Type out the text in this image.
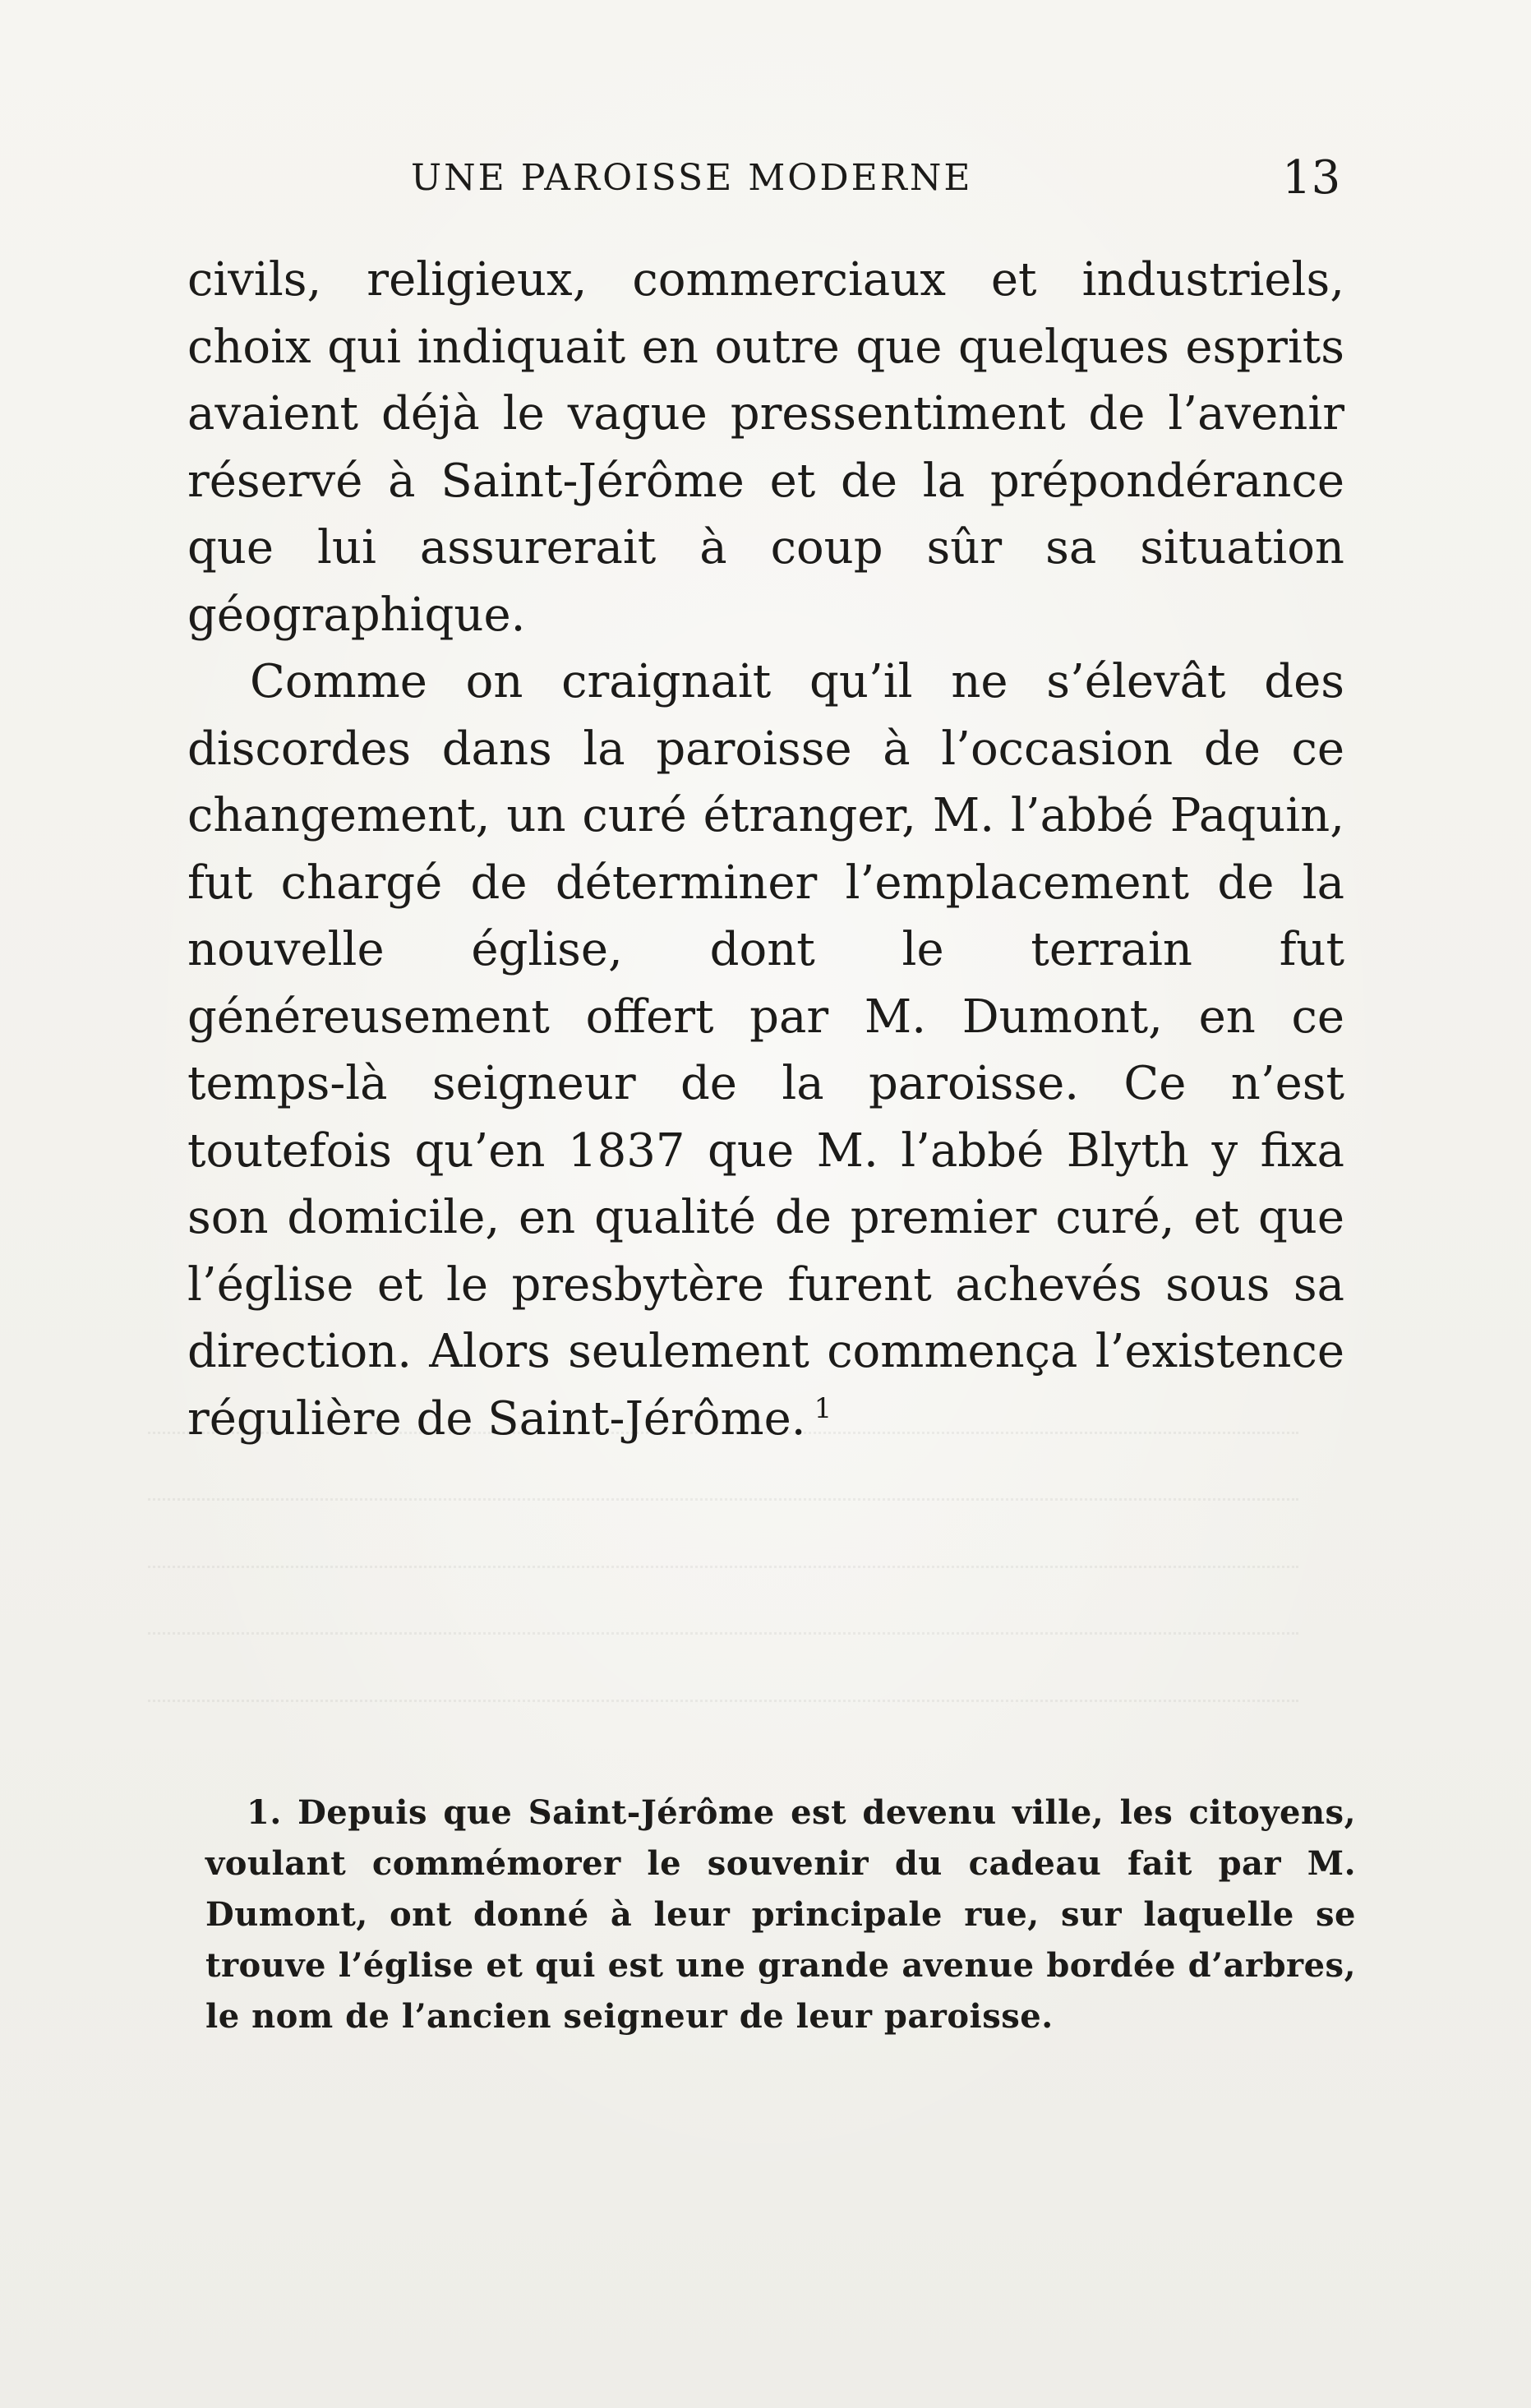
UNE PAROISSE MODERNE	13

civils, religieux, commerciaux et industriels, choix qui indiquait en outre que quelques esprits avaient déjà le vague pressentiment de l’avenir réservé à Saint-Jérôme et de la prépondérance que lui assurerait à coup sûr sa situation géographique.

Comme on craignait qu’il ne s’élevât des discordes dans la paroisse à l’occasion de ce changement, un curé étranger, M. l’abbé Paquin, fut chargé de déterminer l’emplacement de la nouvelle église, dont le terrain fut généreusement offert par M. Dumont, en ce temps-là seigneur de la paroisse. Ce n’est toutefois qu’en 1837 que M. l’abbé Blyth y fixa son domicile, en qualité de premier curé, et que l’église et le presbytère furent achevés sous sa direction. Alors seulement commença l’existence régulière de Saint-Jérôme. $^1$

1. Depuis que Saint-Jérôme est devenu ville, les citoyens, voulant commémorer le souvenir du cadeau fait par M. Dumont, ont donné à leur principale rue, sur laquelle se trouve l’église et qui est une grande avenue bordée d’arbres, le nom de l’ancien seigneur de leur paroisse.
